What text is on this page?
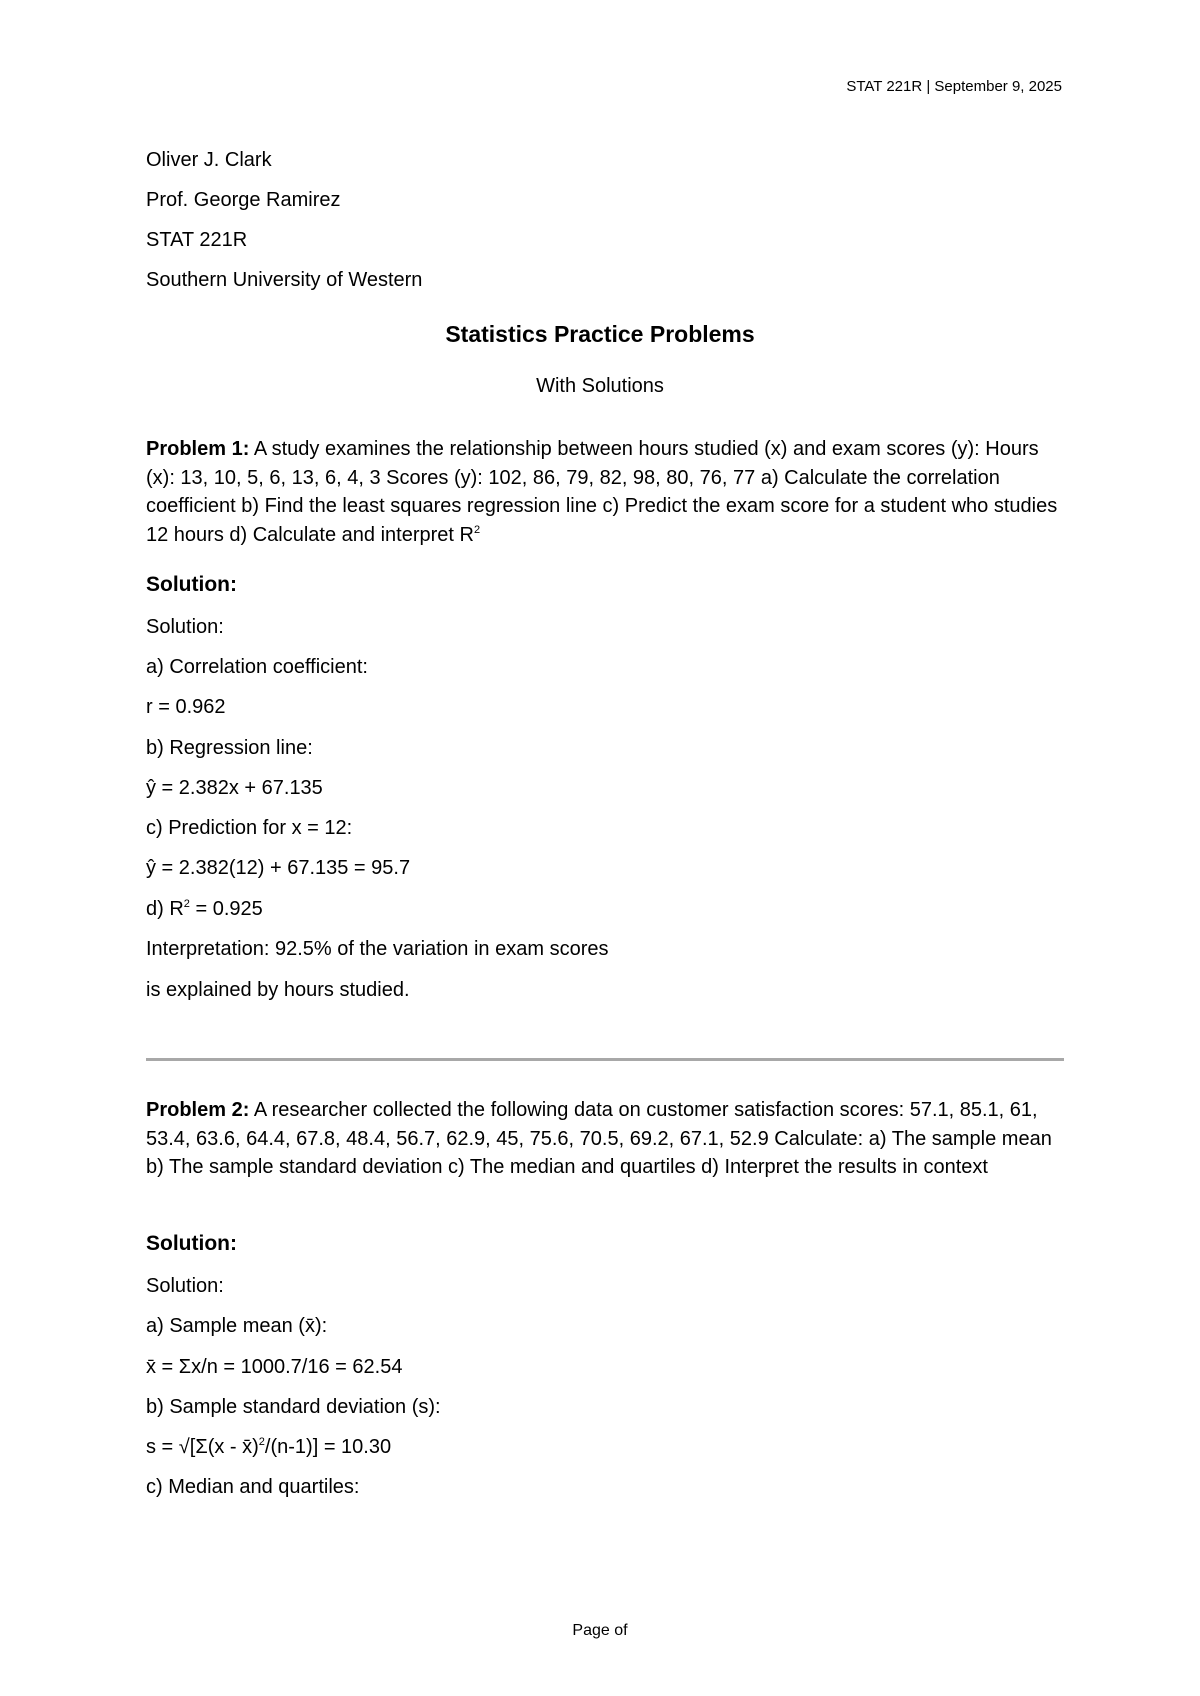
STAT 221R | September 9, 2025
Oliver J. Clark
Prof. George Ramirez
STAT 221R
Southern University of Western
Statistics Practice Problems
With Solutions
Problem 1: A study examines the relationship between hours studied (x) and exam scores (y): Hours (x): 13, 10, 5, 6, 13, 6, 4, 3 Scores (y): 102, 86, 79, 82, 98, 80, 76, 77 a) Calculate the correlation coefficient b) Find the least squares regression line c) Predict the exam score for a student who studies 12 hours d) Calculate and interpret $R^2$
Solution:
Solution:
a) Correlation coefficient:
r = 0.962
b) Regression line:
ŷ = 2.382x + 67.135
c) Prediction for x = 12:
ŷ = 2.382(12) + 67.135 = 95.7
d) $R^2 = 0.925$
Interpretation: 92.5% of the variation in exam scores
is explained by hours studied.
Problem 2: A researcher collected the following data on customer satisfaction scores: 57.1, 85.1, 61, 53.4, 63.6, 64.4, 67.8, 48.4, 56.7, 62.9, 45, 75.6, 70.5, 69.2, 67.1, 52.9 Calculate: a) The sample mean b) The sample standard deviation c) The median and quartiles d) Interpret the results in context
Solution:
Solution:
a) Sample mean (x̄):
x̄ = Σx/n = 1000.7/16 = 62.54
b) Sample standard deviation (s):
s = √[Σ(x - x̄)$^2$/(n-1)] = 10.30
c) Median and quartiles:
Page of
